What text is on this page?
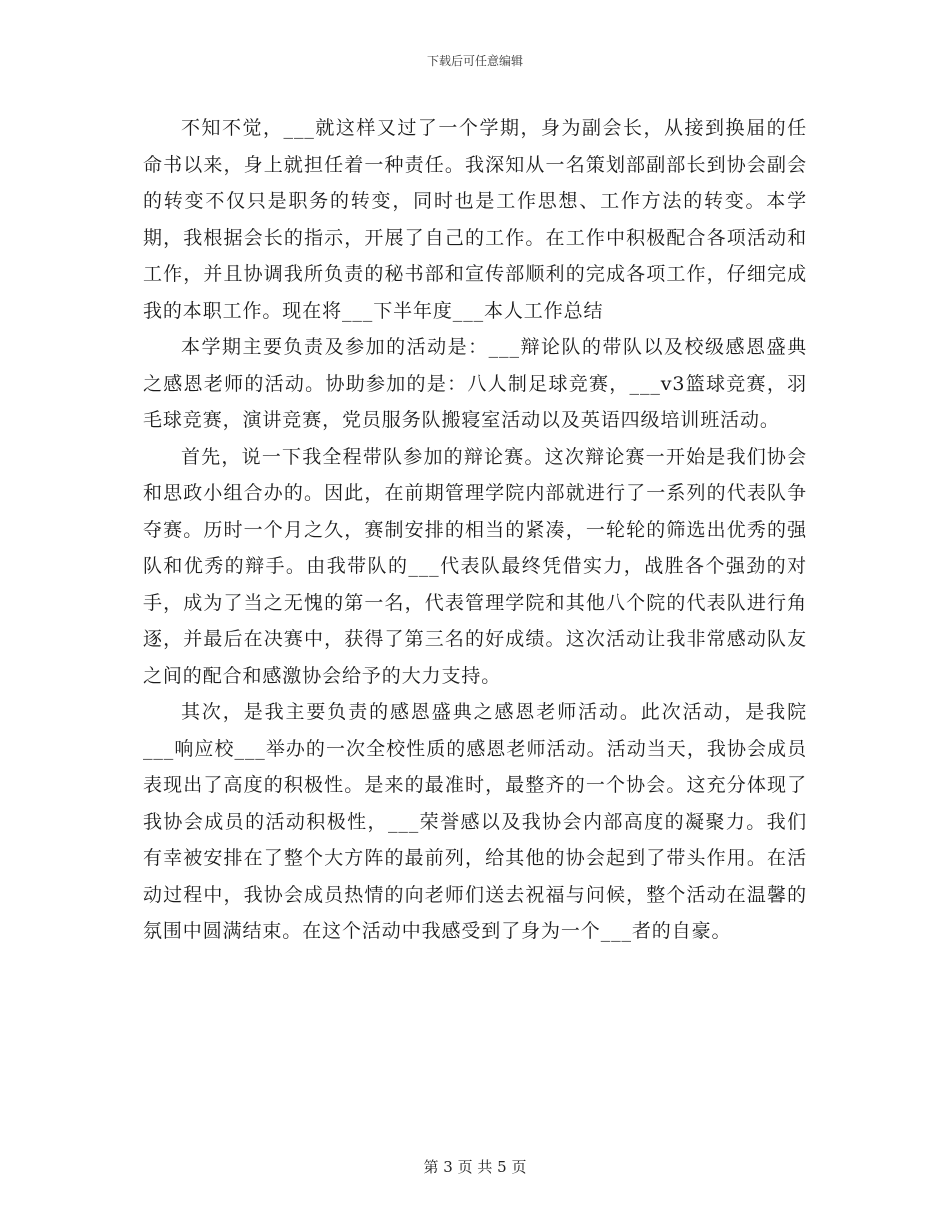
下载后可任意编辑

不知不觉，___就这样又过了一个学期，身为副会长，从接到换届的任命书以来，身上就担任着一种责任。我深知从一名策划部副部长到协会副会的转变不仅只是职务的转变，同时也是工作思想、工作方法的转变。本学期，我根据会长的指示，开展了自己的工作。在工作中积极配合各项活动和工作，并且协调我所负责的秘书部和宣传部顺利的完成各项工作，仔细完成我的本职工作。现在将___下半年度___本人工作总结

本学期主要负责及参加的活动是：___辩论队的带队以及校级感恩盛典之感恩老师的活动。协助参加的是：八人制足球竞赛，___v3篮球竞赛，羽毛球竞赛，演讲竞赛，党员服务队搬寝室活动以及英语四级培训班活动。

首先，说一下我全程带队参加的辩论赛。这次辩论赛一开始是我们协会和思政小组合办的。因此，在前期管理学院内部就进行了一系列的代表队争夺赛。历时一个月之久，赛制安排的相当的紧凑，一轮轮的筛选出优秀的强队和优秀的辩手。由我带队的___代表队最终凭借实力，战胜各个强劲的对手，成为了当之无愧的第一名，代表管理学院和其他八个院的代表队进行角逐，并最后在决赛中，获得了第三名的好成绩。这次活动让我非常感动队友之间的配合和感激协会给予的大力支持。

其次，是我主要负责的感恩盛典之感恩老师活动。此次活动，是我院___响应校___举办的一次全校性质的感恩老师活动。活动当天，我协会成员表现出了高度的积极性。是来的最准时，最整齐的一个协会。这充分体现了我协会成员的活动积极性，___荣誉感以及我协会内部高度的凝聚力。我们有幸被安排在了整个大方阵的最前列，给其他的协会起到了带头作用。在活动过程中，我协会成员热情的向老师们送去祝福与问候，整个活动在温馨的氛围中圆满结束。在这个活动中我感受到了身为一个___者的自豪。

第 3 页 共 5 页
